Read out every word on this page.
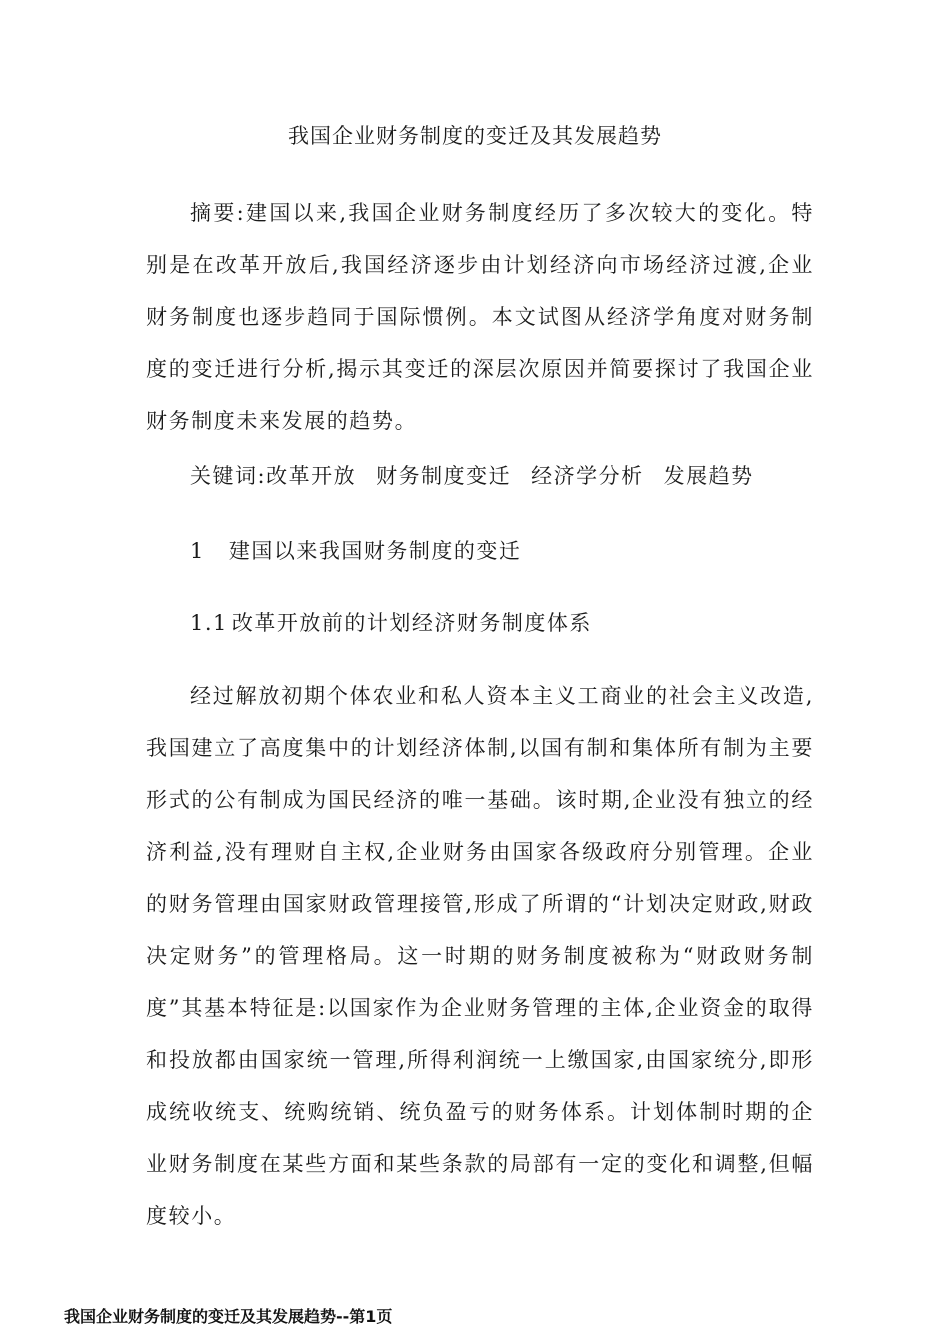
我国企业财务制度的变迁及其发展趋势
摘要:建国以来,我国企业财务制度经历了多次较大的变化。特别是在改革开放后,我国经济逐步由计划经济向市场经济过渡,企业财务制度也逐步趋同于国际惯例。本文试图从经济学角度对财务制度的变迁进行分析,揭示其变迁的深层次原因并简要探讨了我国企业财务制度未来发展的趋势。
关键词:改革开放 财务制度变迁 经济学分析 发展趋势
1 建国以来我国财务制度的变迁
1.1 改革开放前的计划经济财务制度体系
经过解放初期个体农业和私人资本主义工商业的社会主义改造,我国建立了高度集中的计划经济体制,以国有制和集体所有制为主要形式的公有制成为国民经济的唯一基础。该时期,企业没有独立的经济利益,没有理财自主权,企业财务由国家各级政府分别管理。企业的财务管理由国家财政管理接管,形成了所谓的“计划决定财政,财政决定财务”的管理格局。这一时期的财务制度被称为“财政财务制度”其基本特征是:以国家作为企业财务管理的主体,企业资金的取得和投放都由国家统一管理,所得利润统一上缴国家,由国家统分,即形成统收统支、统购统销、统负盈亏的财务体系。计划体制时期的企业财务制度在某些方面和某些条款的局部有一定的变化和调整,但幅度较小。
我国企业财务制度的变迁及其发展趋势--第1页
